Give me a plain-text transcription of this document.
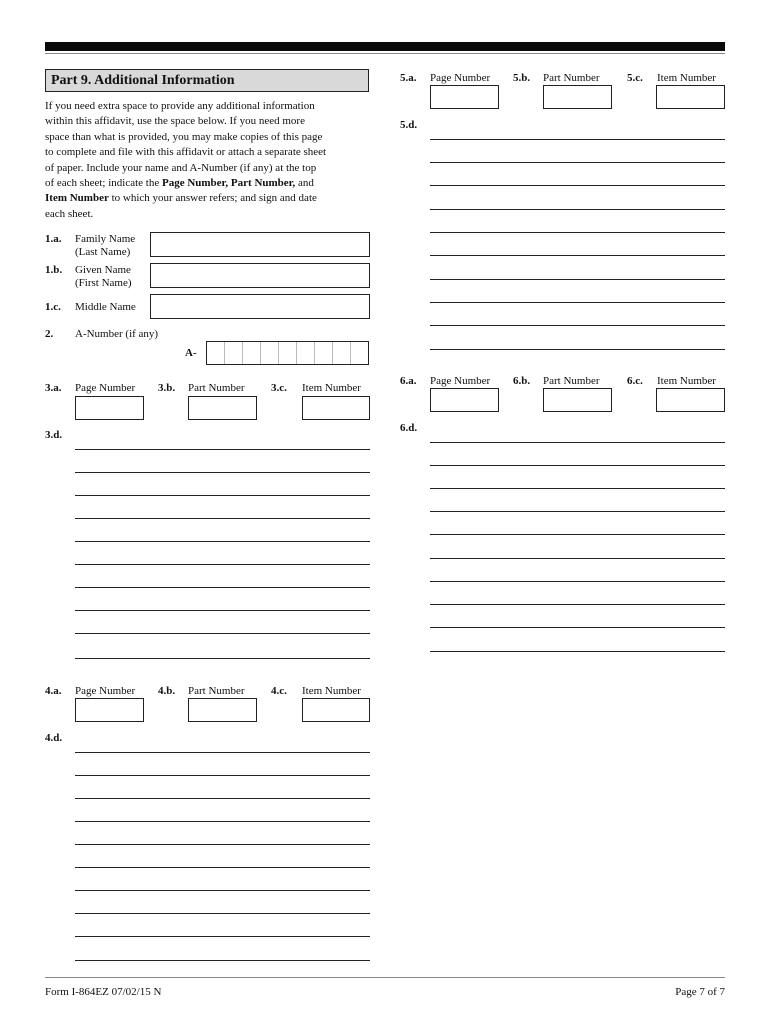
Part 9. Additional Information
If you need extra space to provide any additional information
within this affidavit, use the space below. If you need more
space than what is provided, you may make copies of this page
to complete and file with this affidavit or attach a separate sheet
of paper. Include your name and A-Number (if any) at the top
of each sheet; indicate the Page Number, Part Number, and
Item Number to which your answer refers; and sign and date
each sheet.
1.a. Family Name
(Last Name)
1.b. Given Name
(First Name)
1.c. Middle Name
2. A-Number (if any)
A-
3.a. Page Number 3.b. Part Number 3.c. Item Number
3.d.
4.a. Page Number 4.b. Part Number 4.c. Item Number
4.d.
5.a. Page Number 5.b. Part Number 5.c. Item Number
5.d.
6.a. Page Number 6.b. Part Number 6.c. Item Number
6.d.
Form I-864EZ 07/02/15 N	Page 7 of 7
